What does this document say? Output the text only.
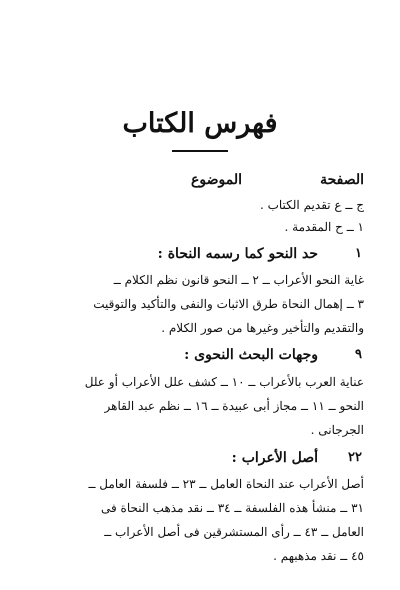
فهرس الكتاب
الصفحة
الموضوع
ج ــ ع تقديم الكتاب .
١ ــ ح المقدمة .
١
حد النحو كما رسمه النحاة :
غاية النحو الأعراب ــ ٢ ــ النحو قانون نظم الكلام ــ
٣ ــ إهمال النحاة طرق الاثبات والنفى والتأكيد والتوقيت
والتقديم والتأخير وغيرها من صور الكلام .
٩
وجهات البحث النحوى :
عناية العرب بالأعراب ــ ١٠ ــ كشف علل الأعراب أو علل
النحو ــ ١١ ــ مجاز أبى عبيدة ــ ١٦ ــ نظم عبد القاهر
الجرجانى .
٢٢
أصل الأعراب :
أصل الأعراب عند النحاة العامل ــ ٢٣ ــ فلسفة العامل ــ
٣١ ــ منشأ هذه الفلسفة ــ ٣٤ ــ نقد مذهب النحاة فى
العامل ــ ٤٣ ــ رأى المستشرقين فى أصل الأعراب ــ
٤٥ ــ نقد مذهبهم .
